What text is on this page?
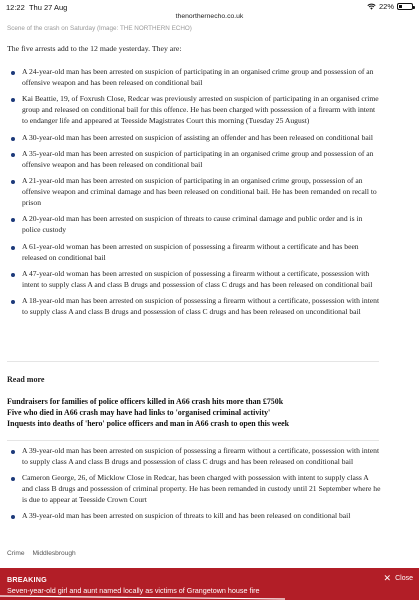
12:22 Thu 27 Aug	22%
thenorthernecho.co.uk
Scene of the crash on Saturday (Image: THE NORTHERN ECHO)

The five arrests add to the 12 made yesterday. They are:

A 24-year-old man has been arrested on suspicion of participating in an organised crime group and possession of an offensive weapon and has been released on conditional bail
Kai Beattie, 19, of Foxrush Close, Redcar was previously arrested on suspicion of participating in an organised crime group and released on conditional bail for this offence. He has been charged with possession of a firearm with intent to endanger life and appeared at Teesside Magistrates Court this morning (Tuesday 25 August)
A 30-year-old man has been arrested on suspicion of assisting an offender and has been released on conditional bail
A 35-year-old man has been arrested on suspicion of participating in an organised crime group and possession of an offensive weapon and has been released on conditional bail
A 21-year-old man has been arrested on suspicion of participating in an organised crime group, possession of an offensive weapon and criminal damage and has been released on conditional bail. He has been remanded on recall to prison
A 20-year-old man has been arrested on suspicion of threats to cause criminal damage and public order and is in police custody
A 61-year-old woman has been arrested on suspicion of possessing a firearm without a certificate and has been released on conditional bail
A 47-year-old woman has been arrested on suspicion of possessing a firearm without a certificate, possession with intent to supply class A and class B drugs and possession of class C drugs and has been released on conditional bail
A 18-year-old man has been arrested on suspicion of possessing a firearm without a certificate, possession with intent to supply class A and class B drugs and possession of class C drugs and has been released on unconditional bail
Read more
Fundraisers for families of police officers killed in A66 crash hits more than £750k
Five who died in A66 crash may have had links to 'organised criminal activity'
Inquests into deaths of 'hero' police officers and man in A66 crash to open this week
A 39-year-old man has been arrested on suspicion of possessing a firearm without a certificate, possession with intent to supply class A and class B drugs and possession of class C drugs and has been released on conditional bail
Cameron George, 26, of Micklow Close in Redcar, has been charged with possession with intent to supply class A and class B drugs and possession of criminal property. He has been remanded in custody until 21 September where he is due to appear at Teesside Crown Court
A 39-year-old man has been arrested on suspicion of threats to kill and has been released on conditional bail
Crime Middlesbrough
BREAKING
Seven-year-old girl and aunt named locally as victims of Grangetown house fire
✕ Close
